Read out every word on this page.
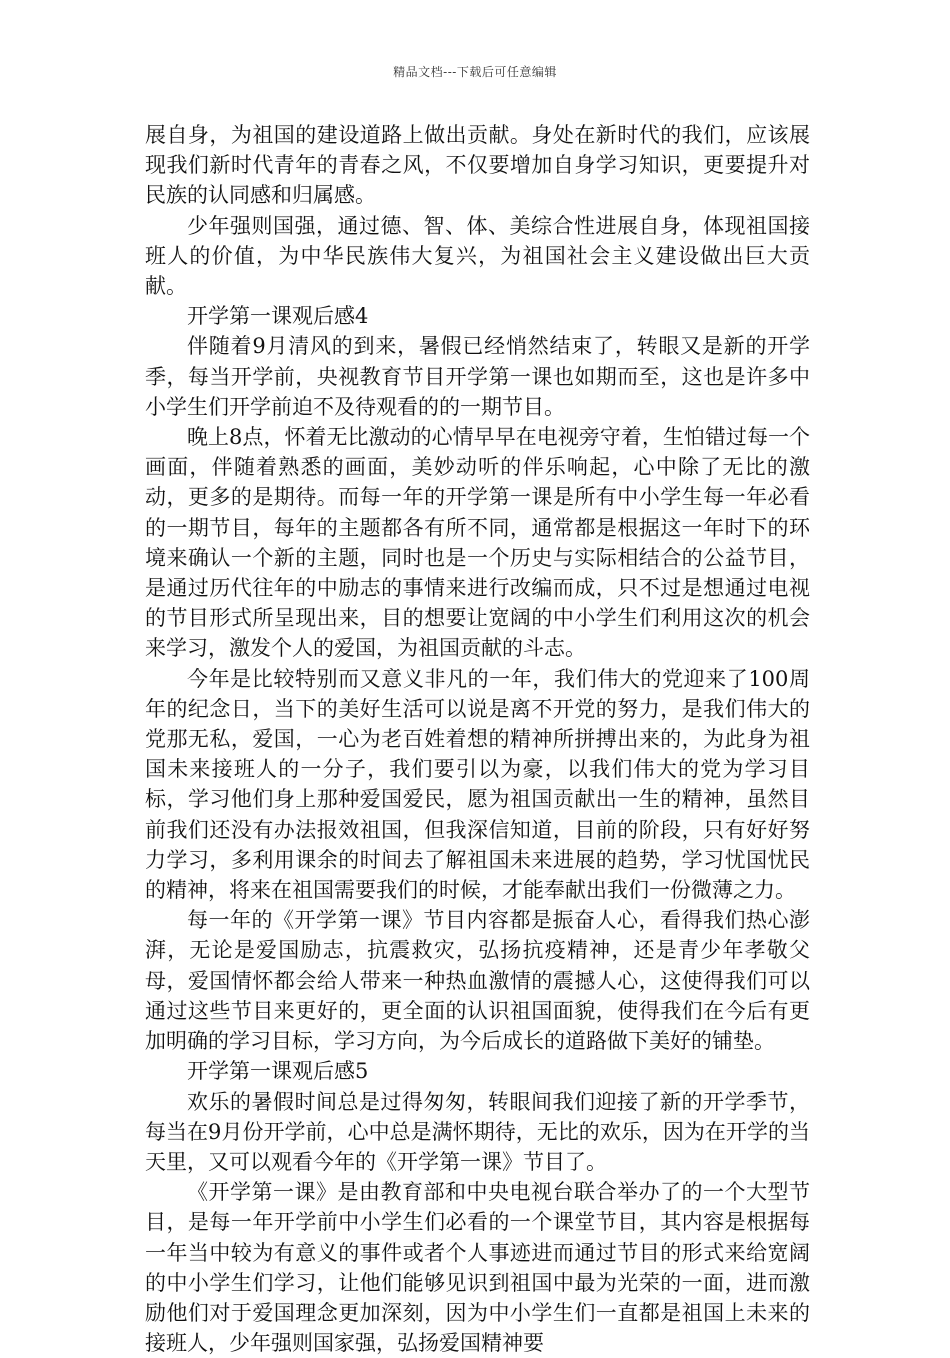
精品文档---下载后可任意编辑

展自身，为祖国的建设道路上做出贡献。身处在新时代的我们，应该展现我们新时代青年的青春之风，不仅要增加自身学习知识，更要提升对民族的认同感和归属感。

少年强则国强，通过德、智、体、美综合性进展自身，体现祖国接班人的价值，为中华民族伟大复兴，为祖国社会主义建设做出巨大贡献。

开学第一课观后感4

伴随着9月清风的到来，暑假已经悄然结束了，转眼又是新的开学季，每当开学前，央视教育节目开学第一课也如期而至，这也是许多中小学生们开学前迫不及待观看的的一期节目。

晚上8点，怀着无比激动的心情早早在电视旁守着，生怕错过每一个画面，伴随着熟悉的画面，美妙动听的伴乐响起，心中除了无比的激动，更多的是期待。而每一年的开学第一课是所有中小学生每一年必看的一期节目，每年的主题都各有所不同，通常都是根据这一年时下的环境来确认一个新的主题，同时也是一个历史与实际相结合的公益节目，是通过历代往年的中励志的事情来进行改编而成，只不过是想通过电视的节目形式所呈现出来，目的想要让宽阔的中小学生们利用这次的机会来学习，激发个人的爱国，为祖国贡献的斗志。

今年是比较特别而又意义非凡的一年，我们伟大的党迎来了100周年的纪念日，当下的美好生活可以说是离不开党的努力，是我们伟大的党那无私，爱国，一心为老百姓着想的精神所拼搏出来的，为此身为祖国未来接班人的一分子，我们要引以为豪，以我们伟大的党为学习目标，学习他们身上那种爱国爱民，愿为祖国贡献出一生的精神，虽然目前我们还没有办法报效祖国，但我深信知道，目前的阶段，只有好好努力学习，多利用课余的时间去了解祖国未来进展的趋势，学习忧国忧民的精神，将来在祖国需要我们的时候，才能奉献出我们一份微薄之力。

每一年的《开学第一课》节目内容都是振奋人心，看得我们热心澎湃，无论是爱国励志，抗震救灾，弘扬抗疫精神，还是青少年孝敬父母，爱国情怀都会给人带来一种热血激情的震撼人心，这使得我们可以通过这些节目来更好的，更全面的认识祖国面貌，使得我们在今后有更加明确的学习目标，学习方向，为今后成长的道路做下美好的铺垫。

开学第一课观后感5

欢乐的暑假时间总是过得匆匆，转眼间我们迎接了新的开学季节，每当在9月份开学前，心中总是满怀期待，无比的欢乐，因为在开学的当天里，又可以观看今年的《开学第一课》节目了。

《开学第一课》是由教育部和中央电视台联合举办了的一个大型节目，是每一年开学前中小学生们必看的一个课堂节目，其内容是根据每一年当中较为有意义的事件或者个人事迹进而通过节目的形式来给宽阔的中小学生们学习，让他们能够见识到祖国中最为光荣的一面，进而激励他们对于爱国理念更加深刻，因为中小学生们一直都是祖国上未来的接班人，少年强则国家强，弘扬爱国精神要
